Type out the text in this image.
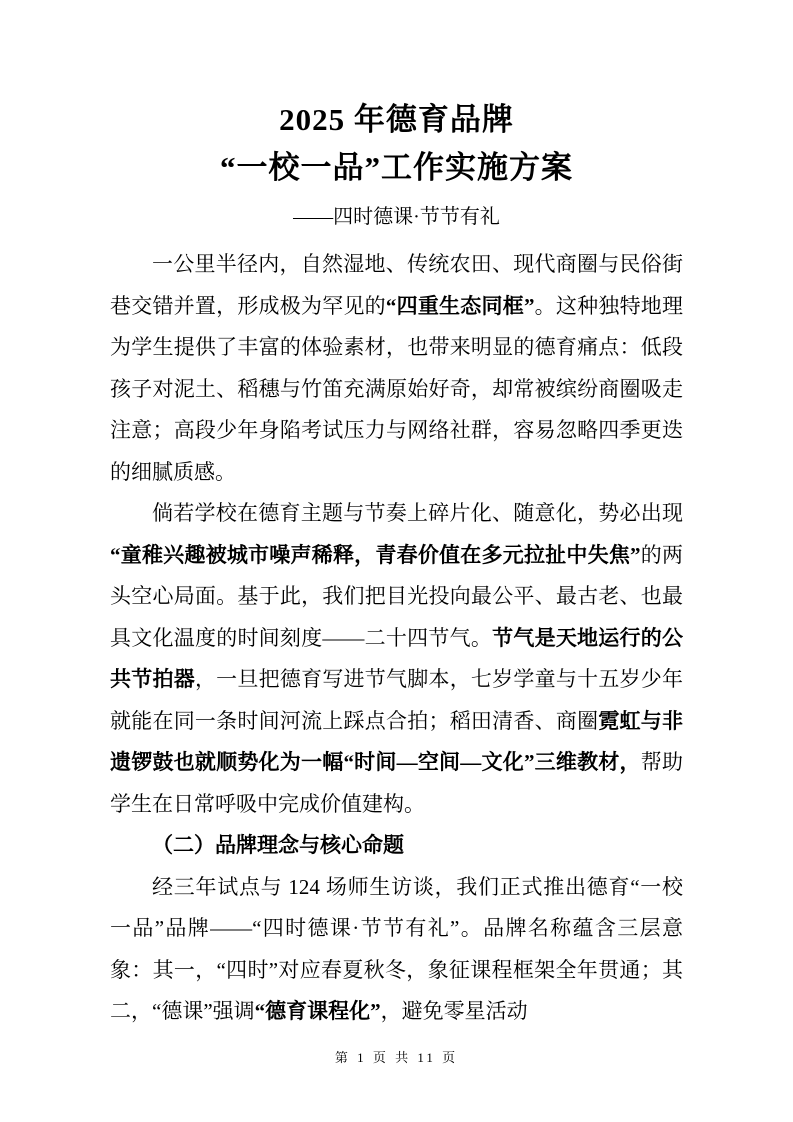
2025 年德育品牌
“一校一品”工作实施方案
——四时德课·节节有礼

一公里半径内，自然湿地、传统农田、现代商圈与民俗街巷交错并置，形成极为罕见的“四重生态同框”。这种独特地理为学生提供了丰富的体验素材，也带来明显的德育痛点：低段孩子对泥土、稻穗与竹笛充满原始好奇，却常被缤纷商圈吸走注意；高段少年身陷考试压力与网络社群，容易忽略四季更迭的细腻质感。

倘若学校在德育主题与节奏上碎片化、随意化，势必出现“童稚兴趣被城市噪声稀释，青春价值在多元拉扯中失焦”的两头空心局面。基于此，我们把目光投向最公平、最古老、也最具文化温度的时间刻度——二十四节气。节气是天地运行的公共节拍器，一旦把德育写进节气脚本，七岁学童与十五岁少年就能在同一条时间河流上踩点合拍；稻田清香、商圈霓虹与非遗锣鼓也就顺势化为一幅“时间—空间—文化”三维教材，帮助学生在日常呼吸中完成价值建构。

（二）品牌理念与核心命题

经三年试点与 124 场师生访谈，我们正式推出德育“一校一品”品牌——“四时德课·节节有礼”。品牌名称蕴含三层意象：其一，“四时”对应春夏秋冬，象征课程框架全年贯通；其二，“德课”强调“德育课程化”，避免零星活动

第 1 页 共 11 页
